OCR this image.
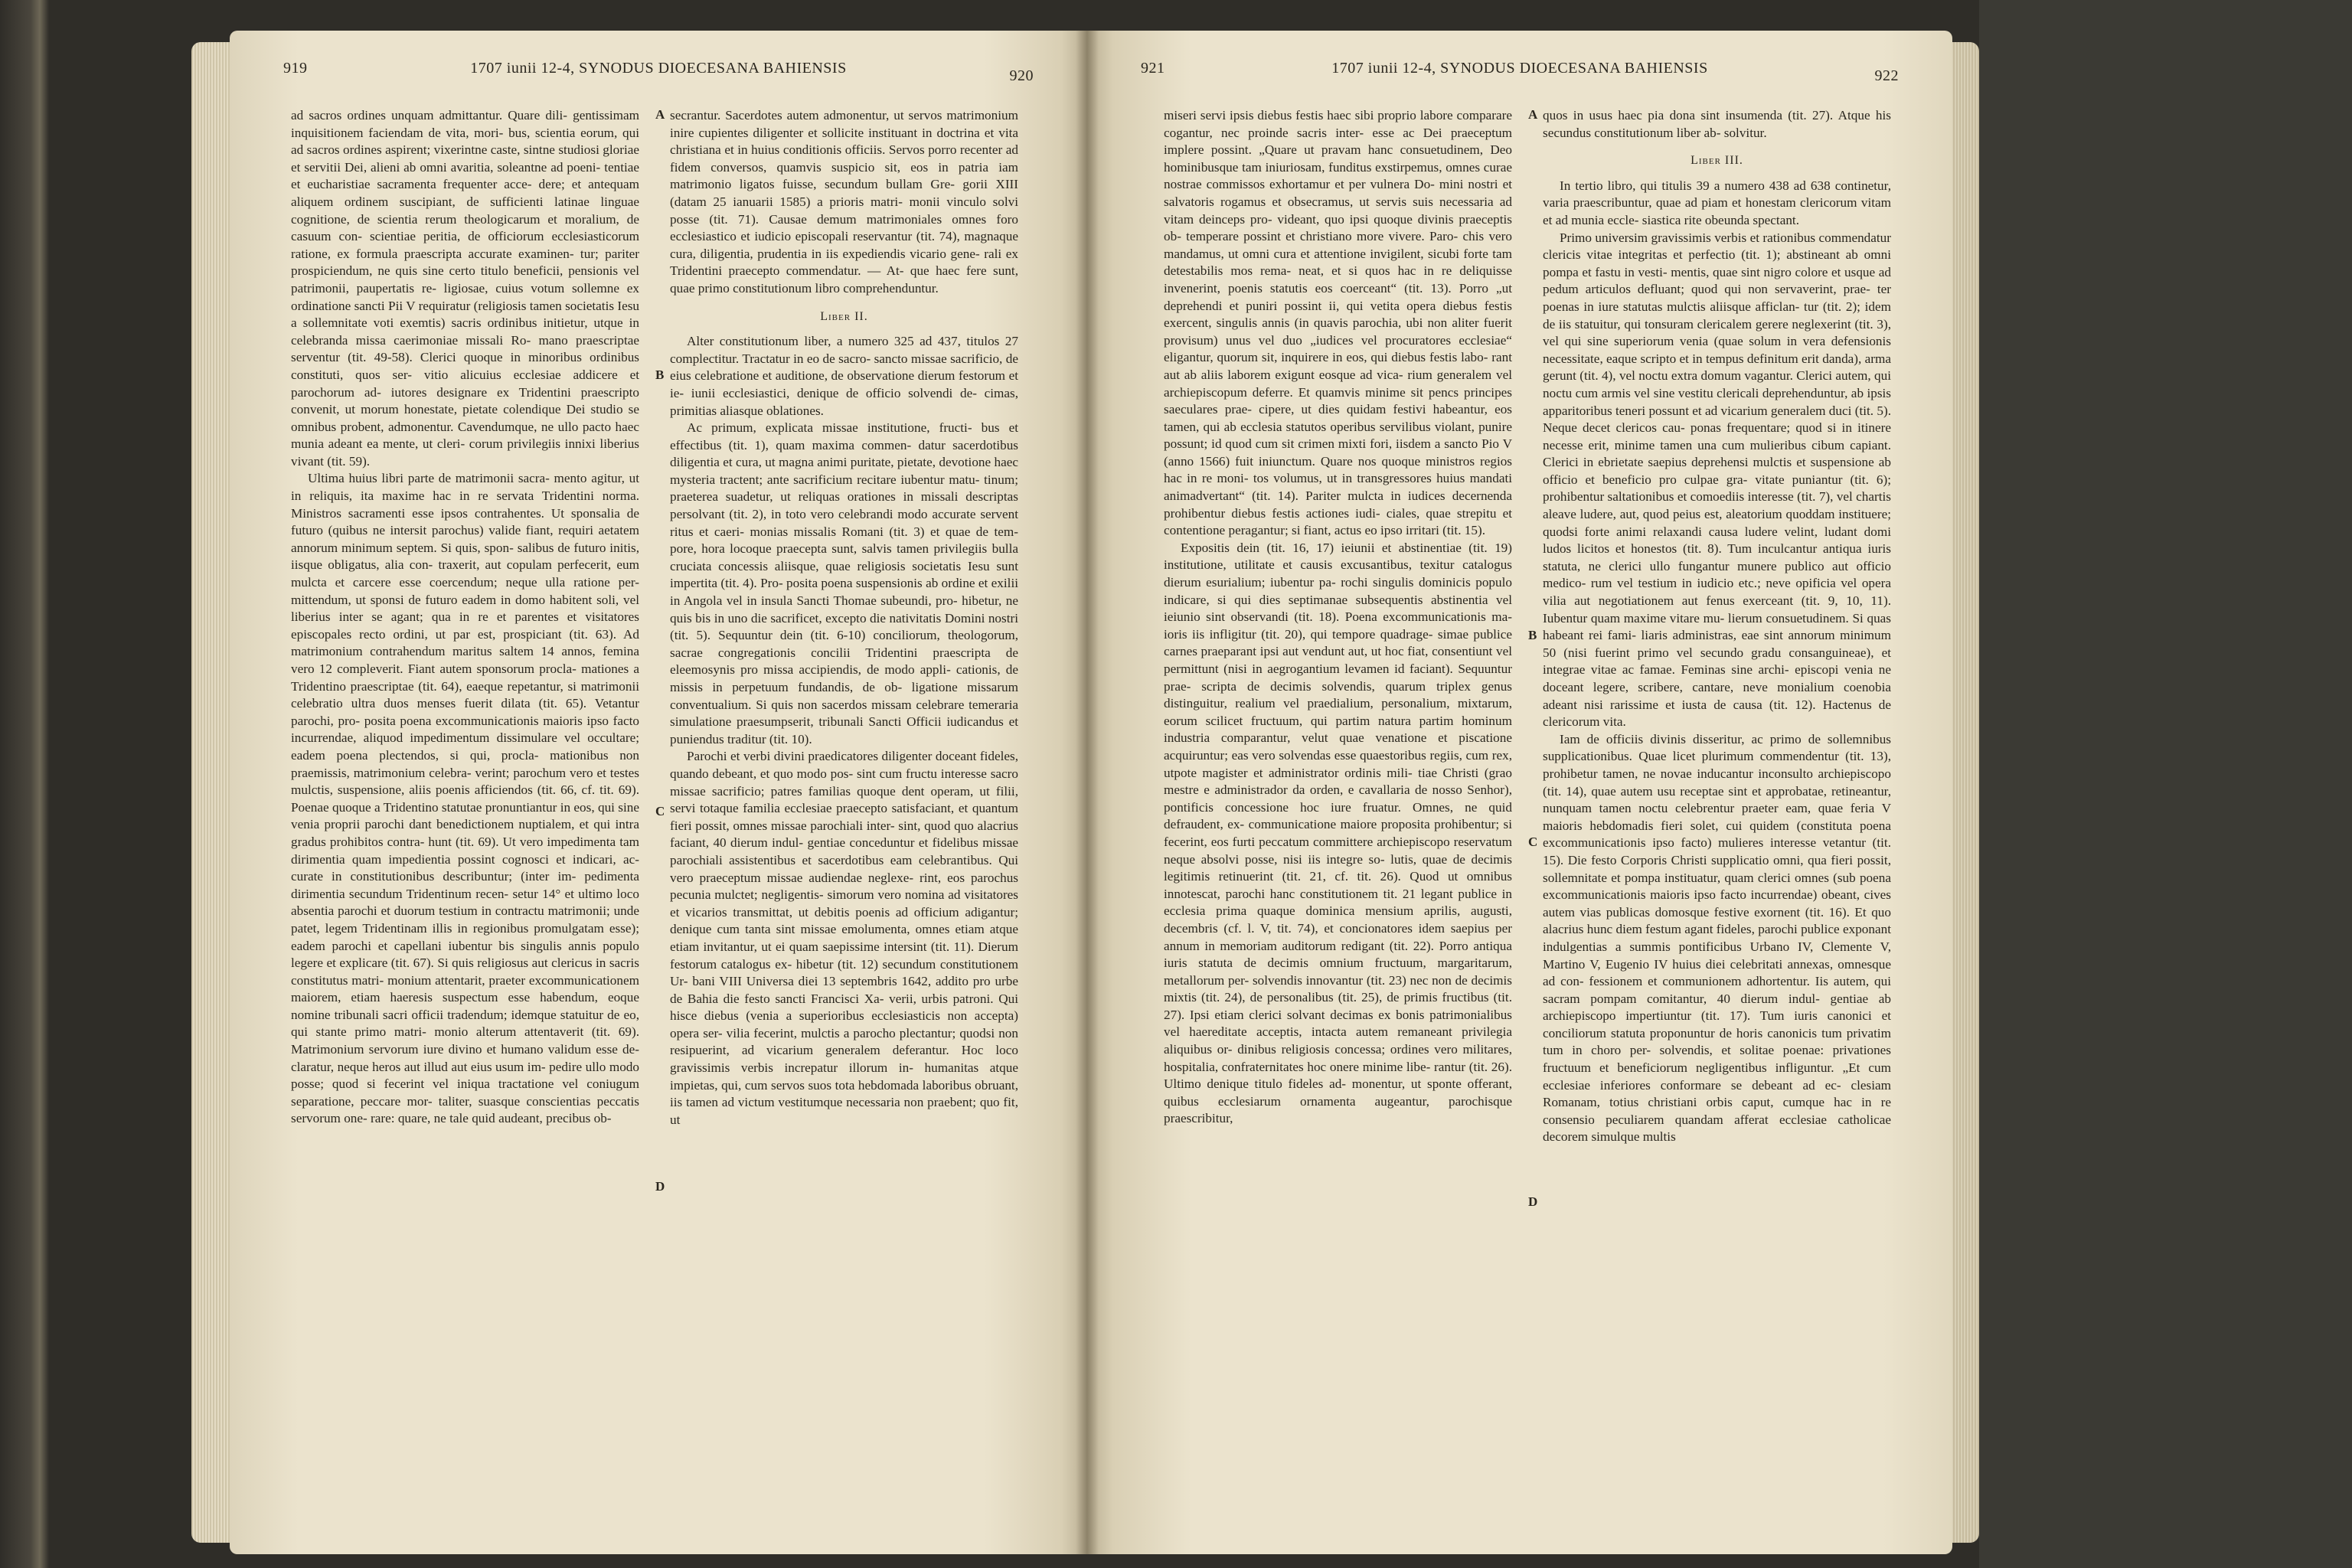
919	1707 iunii 12-4, SYNODUS DIOECESANA BAHIENSIS	920

ad sacros ordines unquam admittantur. Quare dili- gentissimam inquisitionem faciendam de vita, mori- bus, scientia eorum, qui ad sacros ordines aspirent; vixerintne caste, sintne studiosi gloriae et servitii Dei, alieni ab omni avaritia, soleantne ad poeni- tentiae et eucharistiae sacramenta frequenter acce- dere; et antequam aliquem ordinem suscipiant, de sufficienti latinae linguae cognitione, de scientia rerum theologicarum et moralium, de casuum con- scientiae peritia, de officiorum ecclesiasticorum ratione, ex formula praescripta accurate examinen- tur; pariter prospiciendum, ne quis sine certo titulo beneficii, pensionis vel patrimonii, paupertatis re- ligiosae, cuius votum sollemne ex ordinatione sancti Pii V requiratur (religiosis tamen societatis Iesu a sollemnitate voti exemtis) sacris ordinibus initietur, utque in celebranda missa caerimoniae missali Ro- mano praescriptae serventur (tit. 49-58). Clerici quoque in minoribus ordinibus constituti, quos ser- vitio alicuius ecclesiae addicere et parochorum ad- iutores designare ex Tridentini praescripto convenit, ut morum honestate, pietate colendique Dei studio se omnibus probent, admonentur. Cavendumque, ne ullo pacto haec munia adeant ea mente, ut cleri- corum privilegiis innixi liberius vivant (tit. 59).

Ultima huius libri parte de matrimonii sacra- mento agitur, ut in reliquis, ita maxime hac in re servata Tridentini norma. Ministros sacramenti esse ipsos contrahentes. Ut sponsalia de futuro (quibus ne intersit parochus) valide fiant, requiri aetatem annorum minimum septem. Si quis, spon- salibus de futuro initis, iisque obligatus, alia con- traxerit, aut copulam perfecerit, eum mulcta et carcere esse coercendum; neque ulla ratione per- mittendum, ut sponsi de futuro eadem in domo habitent soli, vel liberius inter se agant; qua in re et parentes et visitatores episcopales recto ordini, ut par est, prospiciant (tit. 63). Ad matrimonium contrahendum maritus saltem 14 annos, femina vero 12 compleverit. Fiant autem sponsorum procla- mationes a Tridentino praescriptae (tit. 64), eaeque repetantur, si matrimonii celebratio ultra duos menses fuerit dilata (tit. 65). Vetantur parochi, pro- posita poena excommunicationis maioris ipso facto incurrendae, aliquod impedimentum dissimulare vel occultare; eadem poena plectendos, si qui, procla- mationibus non praemissis, matrimonium celebra- verint; parochum vero et testes mulctis, suspensione, aliis poenis afficiendos (tit. 66, cf. tit. 69). Poenae quoque a Tridentino statutae pronuntiantur in eos, qui sine venia proprii parochi dant benedictionem nuptialem, et qui intra gradus prohibitos contra- hunt (tit. 69). Ut vero impedimenta tam dirimentia quam impedientia possint cognosci et indicari, ac- curate in constitutionibus describuntur; (inter im- pedimenta dirimentia secundum Tridentinum recen- setur 14° et ultimo loco absentia parochi et duorum testium in contractu matrimonii; unde patet, legem Tridentinam illis in regionibus promulgatam esse); eadem parochi et capellani iubentur bis singulis annis populo legere et explicare (tit. 67). Si quis religiosus aut clericus in sacris constitutus matri- monium attentarit, praeter excommunicationem maiorem, etiam haeresis suspectum esse habendum, eoque nomine tribunali sacri officii tradendum; idemque statuitur de eo, qui stante primo matri- monio alterum attentaverit (tit. 69). Matrimonium servorum iure divino et humano validum esse de- claratur, neque heros aut illud aut eius usum im- pedire ullo modo posse; quod si fecerint vel iniqua tractatione vel coniugum separatione, peccare mor- taliter, suasque conscientias peccatis servorum one- rare: quare, ne tale quid audeant, precibus ob-

secrantur. Sacerdotes autem admonentur, ut servos matrimonium inire cupientes diligenter et sollicite instituant in doctrina et vita christiana et in huius conditionis officiis. Servos porro recenter ad fidem conversos, quamvis suspicio sit, eos in patria iam matrimonio ligatos fuisse, secundum bullam Gre- gorii XIII (datam 25 ianuarii 1585) a prioris matri- monii vinculo solvi posse (tit. 71). Causae demum matrimoniales omnes foro ecclesiastico et iudicio episcopali reservantur (tit. 74), magnaque cura, diligentia, prudentia in iis expediendis vicario gene- rali ex Tridentini praecepto commendatur. — At- que haec fere sunt, quae primo constitutionum libro comprehenduntur.

Liber II.

Alter constitutionum liber, a numero 325 ad 437, titulos 27 complectitur. Tractatur in eo de sacro- sancto missae sacrificio, de eius celebratione et auditione, de observatione dierum festorum et ie- iunii ecclesiastici, denique de officio solvendi de- cimas, primitias aliasque oblationes.

Ac primum, explicata missae institutione, fructi- bus et effectibus (tit. 1), quam maxima commen- datur sacerdotibus diligentia et cura, ut magna animi puritate, pietate, devotione haec mysteria tractent; ante sacrificium recitare iubentur matu- tinum; praeterea suadetur, ut reliquas orationes in missali descriptas persolvant (tit. 2), in toto vero celebrandi modo accurate servent ritus et caeri- monias missalis Romani (tit. 3) et quae de tem- pore, hora locoque praecepta sunt, salvis tamen privilegiis bulla cruciata concessis aliisque, quae religiosis societatis Iesu sunt impertita (tit. 4). Pro- posita poena suspensionis ab ordine et exilii in Angola vel in insula Sancti Thomae subeundi, pro- hibetur, ne quis bis in uno die sacrificet, excepto die nativitatis Domini nostri (tit. 5). Sequuntur dein (tit. 6-10) conciliorum, theologorum, sacrae congregationis concilii Tridentini praescripta de eleemosynis pro missa accipiendis, de modo appli- cationis, de missis in perpetuum fundandis, de ob- ligatione missarum conventualium. Si quis non sacerdos missam celebrare temeraria simulatione praesumpserit, tribunali Sancti Officii iudicandus et puniendus traditur (tit. 10).

Parochi et verbi divini praedicatores diligenter doceant fideles, quando debeant, et quo modo pos- sint cum fructu interesse sacro missae sacrificio; patres familias quoque dent operam, ut filii, servi totaque familia ecclesiae praecepto satisfaciant, et quantum fieri possit, omnes missae parochiali inter- sint, quod quo alacrius faciant, 40 dierum indul- gentiae conceduntur et fidelibus missae parochiali assistentibus et sacerdotibus eam celebrantibus. Qui vero praeceptum missae audiendae neglexe- rint, eos parochus pecunia mulctet; negligentis- simorum vero nomina ad visitatores et vicarios transmittat, ut debitis poenis ad officium adigantur; denique cum tanta sint missae emolumenta, omnes etiam atque etiam invitantur, ut ei quam saepissime intersint (tit. 11). Dierum festorum catalogus ex- hibetur (tit. 12) secundum constitutionem Ur- bani VIII Universa diei 13 septembris 1642, addito pro urbe de Bahia die festo sancti Francisci Xa- verii, urbis patroni. Qui hisce diebus (venia a superioribus ecclesiasticis non accepta) opera ser- vilia fecerint, mulctis a parocho plectantur; quodsi non resipuerint, ad vicarium generalem deferantur. Hoc loco gravissimis verbis increpatur illorum in- humanitas atque impietas, qui, cum servos suos tota hebdomada laboribus obruant, iis tamen ad victum vestitumque necessaria non praebent; quo fit, ut

A
B
C
D
921	1707 iunii 12-4, SYNODUS DIOECESANA BAHIENSIS	922

miseri servi ipsis diebus festis haec sibi proprio labore comparare cogantur, nec proinde sacris inter- esse ac Dei praeceptum implere possint. „Quare ut pravam hanc consuetudinem, Deo hominibusque tam iniuriosam, funditus exstirpemus, omnes curae nostrae commissos exhortamur et per vulnera Do- mini nostri et salvatoris rogamus et obsecramus, ut servis suis necessaria ad vitam deinceps pro- videant, quo ipsi quoque divinis praeceptis ob- temperare possint et christiano more vivere. Paro- chis vero mandamus, ut omni cura et attentione invigilent, sicubi forte tam detestabilis mos rema- neat, et si quos hac in re deliquisse invenerint, poenis statutis eos coerceant“ (tit. 13). Porro „ut deprehendi et puniri possint ii, qui vetita opera diebus festis exercent, singulis annis (in quavis parochia, ubi non aliter fuerit provisum) unus vel duo „iudices vel procuratores ecclesiae“ eligantur, quorum sit, inquirere in eos, qui diebus festis labo- rant aut ab aliis laborem exigunt eosque ad vica- rium generalem vel archiepiscopum deferre. Et quamvis minime sit pencs principes saeculares prae- cipere, ut dies quidam festivi habeantur, eos tamen, qui ab ecclesia statutos operibus servilibus violant, punire possunt; id quod cum sit crimen mixti fori, iisdem a sancto Pio V (anno 1566) fuit iniunctum. Quare nos quoque ministros regios hac in re moni- tos volumus, ut in transgressores huius mandati animadvertant“ (tit. 14). Pariter mulcta in iudices decernenda prohibentur diebus festis actiones iudi- ciales, quae strepitu et contentione peragantur; si fiant, actus eo ipso irritari (tit. 15).

Expositis dein (tit. 16, 17) ieiunii et abstinentiae (tit. 19) institutione, utilitate et causis excusantibus, texitur catalogus dierum esurialium; iubentur pa- rochi singulis dominicis populo indicare, si qui dies septimanae subsequentis abstinentia vel ieiunio sint observandi (tit. 18). Poena excommunicationis ma- ioris iis infligitur (tit. 20), qui tempore quadrage- simae publice carnes praeparant ipsi aut vendunt aut, ut hoc fiat, consentiunt vel permittunt (nisi in aegrogantium levamen id faciant). Sequuntur prae- scripta de decimis solvendis, quarum triplex genus distinguitur, realium vel praedialium, personalium, mixtarum, eorum scilicet fructuum, qui partim natura partim hominum industria comparantur, velut quae venatione et piscatione acquiruntur; eas vero solvendas esse quaestoribus regiis, cum rex, utpote magister et administrator ordinis mili- tiae Christi (grao mestre e administrador da orden, e cavallaria de nosso Senhor), pontificis concessione hoc iure fruatur. Omnes, ne quid defraudent, ex- communicatione maiore proposita prohibentur; si fecerint, eos furti peccatum committere archiepiscopo reservatum neque absolvi posse, nisi iis integre so- lutis, quae de decimis legitimis retinuerint (tit. 21, cf. tit. 26). Quod ut omnibus innotescat, parochi hanc constitutionem tit. 21 legant publice in ecclesia prima quaque dominica mensium aprilis, augusti, decembris (cf. l. V, tit. 74), et concionatores idem saepius per annum in memoriam auditorum redigant (tit. 22). Porro antiqua iuris statuta de decimis omnium fructuum, margaritarum, metallorum per- solvendis innovantur (tit. 23) nec non de decimis mixtis (tit. 24), de personalibus (tit. 25), de primis fructibus (tit. 27). Ipsi etiam clerici solvant decimas ex bonis patrimonialibus vel haereditate acceptis, intacta autem remaneant privilegia aliquibus or- dinibus religiosis concessa; ordines vero militares, hospitalia, confraternitates hoc onere minime libe- rantur (tit. 26). Ultimo denique titulo fideles ad- monentur, ut sponte offerant, quibus ecclesiarum ornamenta augeantur, parochisque praescribitur,

quos in usus haec pia dona sint insumenda (tit. 27). Atque his secundus constitutionum liber ab- solvitur.

Liber III.

In tertio libro, qui titulis 39 a numero 438 ad 638 continetur, varia praescribuntur, quae ad piam et honestam clericorum vitam et ad munia eccle- siastica rite obeunda spectant.

Primo universim gravissimis verbis et rationibus commendatur clericis vitae integritas et perfectio (tit. 1); abstineant ab omni pompa et fastu in vesti- mentis, quae sint nigro colore et usque ad pedum articulos defluant; quod qui non servaverint, prae- ter poenas in iure statutas mulctis aliisque afficlan- tur (tit. 2); idem de iis statuitur, qui tonsuram clericalem gerere neglexerint (tit. 3), vel qui sine superiorum venia (quae solum in vera defensionis necessitate, eaque scripto et in tempus definitum erit danda), arma gerunt (tit. 4), vel noctu extra domum vagantur. Clerici autem, qui noctu cum armis vel sine vestitu clericali deprehenduntur, ab ipsis apparitoribus teneri possunt et ad vicarium generalem duci (tit. 5). Neque decet clericos cau- ponas frequentare; quod si in itinere necesse erit, minime tamen una cum mulieribus cibum capiant. Clerici in ebrietate saepius deprehensi mulctis et suspensione ab officio et beneficio pro culpae gra- vitate puniantur (tit. 6); prohibentur saltationibus et comoediis interesse (tit. 7), vel chartis aleave ludere, aut, quod peius est, aleatorium quoddam instituere; quodsi forte animi relaxandi causa ludere velint, ludant domi ludos licitos et honestos (tit. 8). Tum inculcantur antiqua iuris statuta, ne clerici ullo fungantur munere publico aut officio medico- rum vel testium in iudicio etc.; neve opificia vel opera vilia aut negotiationem aut fenus exerceant (tit. 9, 10, 11). Iubentur quam maxime vitare mu- lierum consuetudinem. Si quas habeant rei fami- liaris administras, eae sint annorum minimum 50 (nisi fuerint primo vel secundo gradu consanguineae), et integrae vitae ac famae. Feminas sine archi- episcopi venia ne doceant legere, scribere, cantare, neve monialium coenobia adeant nisi rarissime et iusta de causa (tit. 12). Hactenus de clericorum vita.

Iam de officiis divinis disseritur, ac primo de sollemnibus supplicationibus. Quae licet plurimum commendentur (tit. 13), prohibetur tamen, ne novae inducantur inconsulto archiepiscopo (tit. 14), quae autem usu receptae sint et approbatae, retineantur, nunquam tamen noctu celebrentur praeter eam, quae feria V maioris hebdomadis fieri solet, cui quidem (constituta poena excommunicationis ipso facto) mulieres interesse vetantur (tit. 15). Die festo Corporis Christi supplicatio omni, qua fieri possit, sollemnitate et pompa instituatur, quam clerici omnes (sub poena excommunicationis maioris ipso facto incurrendae) obeant, cives autem vias publicas domosque festive exornent (tit. 16). Et quo alacrius hunc diem festum agant fideles, parochi publice exponant indulgentias a summis pontificibus Urbano IV, Clemente V, Martino V, Eugenio IV huius diei celebritati annexas, omnesque ad con- fessionem et communionem adhortentur. Iis autem, qui sacram pompam comitantur, 40 dierum indul- gentiae ab archiepiscopo impertiuntur (tit. 17). Tum iuris canonici et conciliorum statuta proponuntur de horis canonicis tum privatim tum in choro per- solvendis, et solitae poenae: privationes fructuum et beneficiorum negligentibus infliguntur. „Et cum ecclesiae inferiores conformare se debeant ad ec- clesiam Romanam, totius christiani orbis caput, cumque hac in re consensio peculiarem quandam afferat ecclesiae catholicae decorem simulque multis

A
B
C
D
